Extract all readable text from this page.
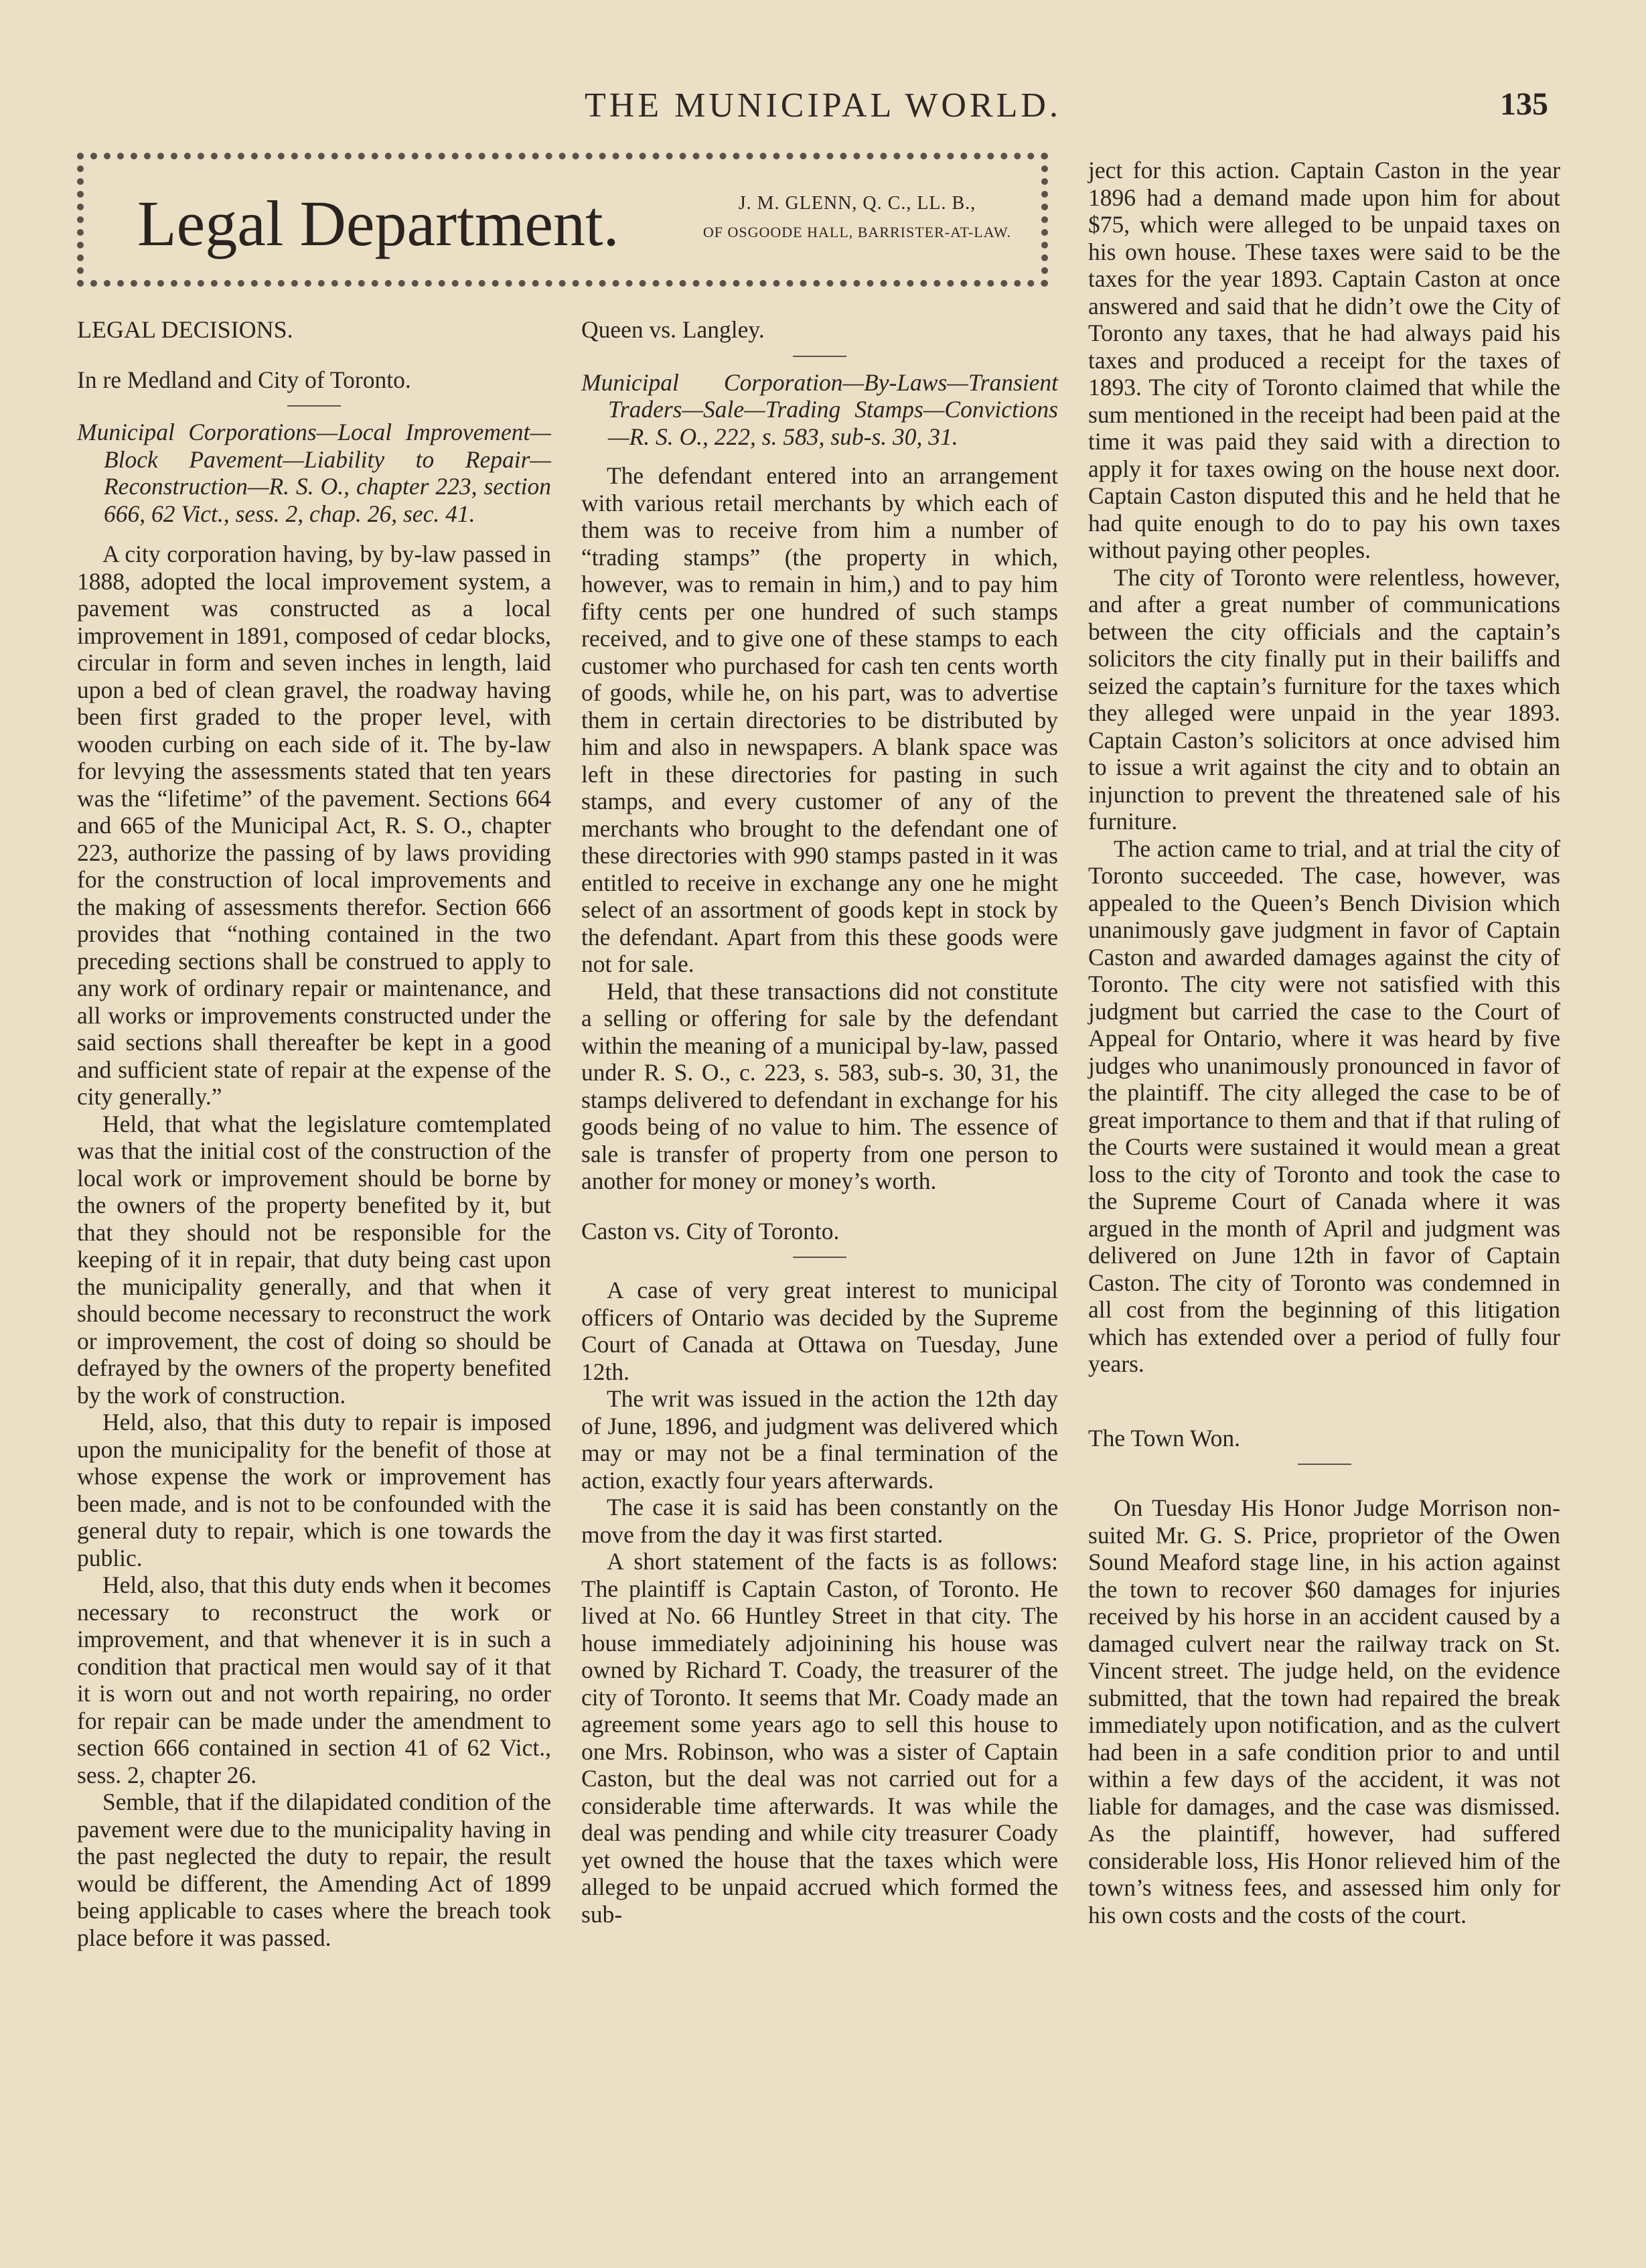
THE MUNICIPAL WORLD.	135
Legal Department.	J. M. GLENN, Q. C., LL. B.,
OF OSGOODE HALL, BARRISTER-AT-LAW.

LEGAL DECISIONS.

In re Medland and City of Toronto.

Municipal Corporations—Local Improvement—Block Pavement—Liability to Repair—Reconstruction—R. S. O., chapter 223, section 666, 62 Vict., sess. 2, chap. 26, sec. 41.

A city corporation having, by by-law passed in 1888, adopted the local improvement system, a pavement was constructed as a local improvement in 1891, composed of cedar blocks, circular in form and seven inches in length, laid upon a bed of clean gravel, the roadway having been first graded to the proper level, with wooden curbing on each side of it. The by-law for levying the assessments stated that ten years was the “lifetime” of the pavement. Sections 664 and 665 of the Municipal Act, R. S. O., chapter 223, authorize the passing of by laws providing for the construction of local improvements and the making of assessments therefor. Section 666 provides that “nothing contained in the two preceding sections shall be construed to apply to any work of ordinary repair or maintenance, and all works or improvements constructed under the said sections shall thereafter be kept in a good and sufficient state of repair at the expense of the city generally.”

Held, that what the legislature comtemplated was that the initial cost of the construction of the local work or improvement should be borne by the owners of the property benefited by it, but that they should not be responsible for the keeping of it in repair, that duty being cast upon the municipality generally, and that when it should become necessary to reconstruct the work or improvement, the cost of doing so should be defrayed by the owners of the property benefited by the work of construction.

Held, also, that this duty to repair is imposed upon the municipality for the benefit of those at whose expense the work or improvement has been made, and is not to be confounded with the general duty to repair, which is one towards the public.

Held, also, that this duty ends when it becomes necessary to reconstruct the work or improvement, and that whenever it is in such a condition that practical men would say of it that it is worn out and not worth repairing, no order for repair can be made under the amendment to section 666 contained in section 41 of 62 Vict., sess. 2, chapter 26.

Semble, that if the dilapidated condition of the pavement were due to the municipality having in the past neglected the duty to repair, the result would be different, the Amending Act of 1899 being applicable to cases where the breach took place before it was passed.

Queen vs. Langley.

Municipal Corporation—By-Laws—Transient Traders—Sale—Trading Stamps—Convictions—R. S. O., 222, s. 583, sub-s. 30, 31.

The defendant entered into an arrangement with various retail merchants by which each of them was to receive from him a number of “trading stamps” (the property in which, however, was to remain in him,) and to pay him fifty cents per one hundred of such stamps received, and to give one of these stamps to each customer who purchased for cash ten cents worth of goods, while he, on his part, was to advertise them in certain directories to be distributed by him and also in newspapers. A blank space was left in these directories for pasting in such stamps, and every customer of any of the merchants who brought to the defendant one of these directories with 990 stamps pasted in it was entitled to receive in exchange any one he might select of an assortment of goods kept in stock by the defendant. Apart from this these goods were not for sale.

Held, that these transactions did not constitute a selling or offering for sale by the defendant within the meaning of a municipal by-law, passed under R. S. O., c. 223, s. 583, sub-s. 30, 31, the stamps delivered to defendant in exchange for his goods being of no value to him. The essence of sale is transfer of property from one person to another for money or money’s worth.

Caston vs. City of Toronto.

A case of very great interest to municipal officers of Ontario was decided by the Supreme Court of Canada at Ottawa on Tuesday, June 12th.

The writ was issued in the action the 12th day of June, 1896, and judgment was delivered which may or may not be a final termination of the action, exactly four years afterwards.

The case it is said has been constantly on the move from the day it was first started.

A short statement of the facts is as follows: The plaintiff is Captain Caston, of Toronto. He lived at No. 66 Huntley Street in that city. The house immediately adjoinining his house was owned by Richard T. Coady, the treasurer of the city of Toronto. It seems that Mr. Coady made an agreement some years ago to sell this house to one Mrs. Robinson, who was a sister of Captain Caston, but the deal was not carried out for a considerable time afterwards. It was while the deal was pending and while city treasurer Coady yet owned the house that the taxes which were alleged to be unpaid accrued which formed the sub-

ject for this action. Captain Caston in the year 1896 had a demand made upon him for about $75, which were alleged to be unpaid taxes on his own house. These taxes were said to be the taxes for the year 1893. Captain Caston at once answered and said that he didn’t owe the City of Toronto any taxes, that he had always paid his taxes and produced a receipt for the taxes of 1893. The city of Toronto claimed that while the sum mentioned in the receipt had been paid at the time it was paid they said with a direction to apply it for taxes owing on the house next door. Captain Caston disputed this and he held that he had quite enough to do to pay his own taxes without paying other peoples.

The city of Toronto were relentless, however, and after a great number of communications between the city officials and the captain’s solicitors the city finally put in their bailiffs and seized the captain’s furniture for the taxes which they alleged were unpaid in the year 1893. Captain Caston’s solicitors at once advised him to issue a writ against the city and to obtain an injunction to prevent the threatened sale of his furniture.

The action came to trial, and at trial the city of Toronto succeeded. The case, however, was appealed to the Queen’s Bench Division which unanimously gave judgment in favor of Captain Caston and awarded damages against the city of Toronto. The city were not satisfied with this judgment but carried the case to the Court of Appeal for Ontario, where it was heard by five judges who unanimously pronounced in favor of the plaintiff. The city alleged the case to be of great importance to them and that if that ruling of the Courts were sustained it would mean a great loss to the city of Toronto and took the case to the Supreme Court of Canada where it was argued in the month of April and judgment was delivered on June 12th in favor of Captain Caston. The city of Toronto was condemned in all cost from the beginning of this litigation which has extended over a period of fully four years.

The Town Won.

On Tuesday His Honor Judge Morrison non-suited Mr. G. S. Price, proprietor of the Owen Sound Meaford stage line, in his action against the town to recover $60 damages for injuries received by his horse in an accident caused by a damaged culvert near the railway track on St. Vincent street. The judge held, on the evidence submitted, that the town had repaired the break immediately upon notification, and as the culvert had been in a safe condition prior to and until within a few days of the accident, it was not liable for damages, and the case was dismissed. As the plaintiff, however, had suffered considerable loss, His Honor relieved him of the town’s witness fees, and assessed him only for his own costs and the costs of the court.
